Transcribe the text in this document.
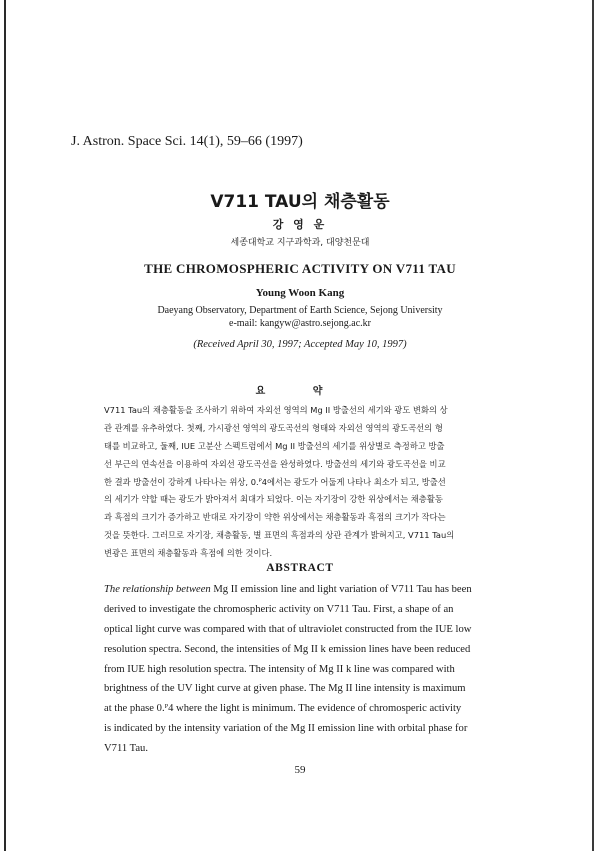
J. Astron. Space Sci. 14(1), 59–66 (1997)
V711 TAU의 채층활동
강 영 운
세종대학교 지구과학과, 대양천문대
THE CHROMOSPHERIC ACTIVITY ON V711 TAU
Young Woon Kang
Daeyang Observatory, Department of Earth Science, Sejong University
e-mail: kangyw@astro.sejong.ac.kr
(Received April 30, 1997; Accepted May 10, 1997)
요 약
V711 Tau의 채층활동을 조사하기 위하여 자외선 영역의 Mg II 방출선의 세기와 광도 변화의 상
관 관계를 유추하였다. 첫째, 가시광선 영역의 광도곡선의 형태와 자외선 영역의 광도곡선의 형
태를 비교하고, 둘째, IUE 고분산 스펙트럼에서 Mg II 방출선의 세기를 위상별로 측정하고 방출
선 부근의 연속선을 이용하여 자외선 광도곡선을 완성하였다. 방출선의 세기와 광도곡선을 비교
한 결과 방출선이 강하게 나타나는 위상, 0.ᴾ4에서는 광도가 어둡게 나타나 최소가 되고, 방출선
의 세기가 약할 때는 광도가 밝아져서 최대가 되었다. 이는 자기장이 강한 위상에서는 채층활동
과 흑점의 크기가 증가하고 반대로 자기장이 약한 위상에서는 채층활동과 흑점의 크기가 작다는
것을 뜻한다. 그러므로 자기장, 채층활동, 별 표면의 흑점과의 상관 관계가 밝혀지고, V711 Tau의
변광은 표면의 채층활동과 흑점에 의한 것이다.
ABSTRACT
The relationship between Mg II emission line and light variation of V711 Tau has been
derived to investigate the chromospheric activity on V711 Tau. First, a shape of an
optical light curve was compared with that of ultraviolet constructed from the IUE low
resolution spectra. Second, the intensities of Mg II k emission lines have been reduced
from IUE high resolution spectra. The intensity of Mg II k line was compared with
brightness of the UV light curve at given phase. The Mg II line intensity is maximum
at the phase 0.ᴾ4 where the light is minimum. The evidence of chromosperic activity
is indicated by the intensity variation of the Mg II emission line with orbital phase for
V711 Tau.
59
